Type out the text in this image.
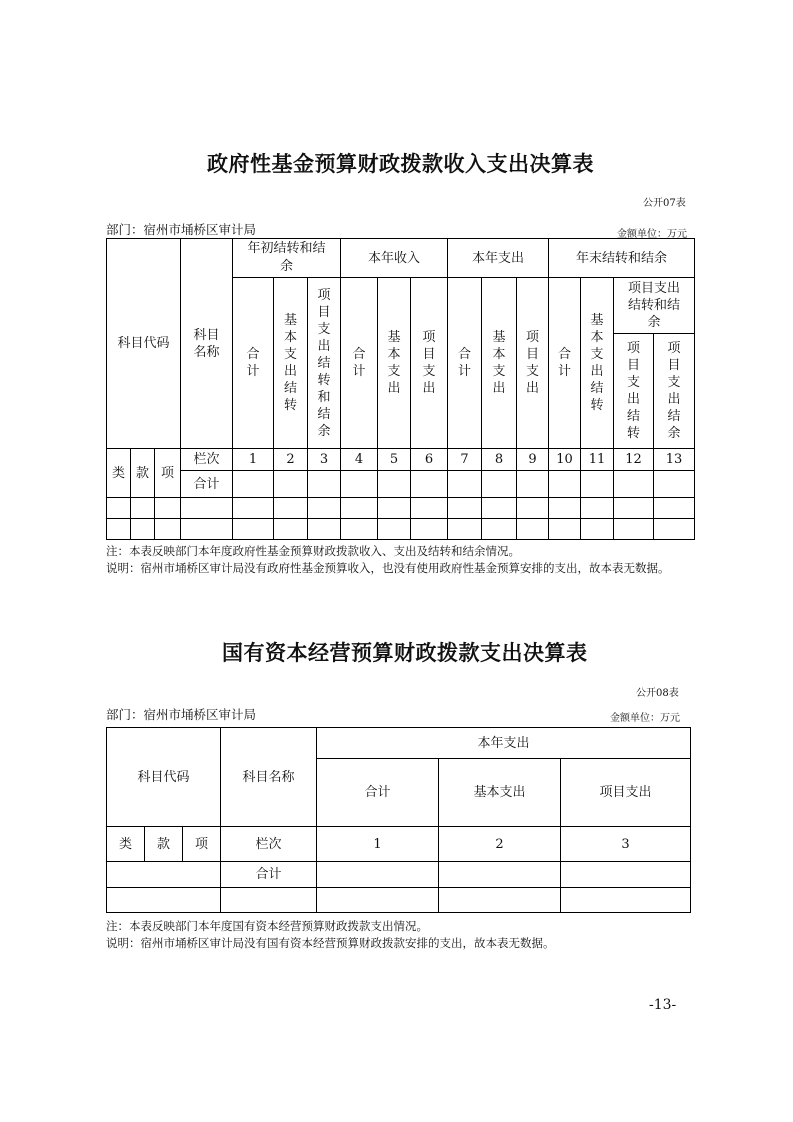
政府性基金预算财政拨款收入支出决算表
公开07表
部门：宿州市埇桥区审计局	金额单位：万元
科目代码			科目名称	年初结转和结余			本年收入			本年支出			年末结转和结余			
				合计	基本支出结转	项目支出结转和结余	合计	基本支出	项目支出	合计	基本支出	项目支出	合计	基本支出结转	项目支出结转和结余	
															项目支出结转	项目支出结余
类	款	项	栏次	1	2	3	4	5	6	7	8	9	10	11	12	13
			合计													

注：本表反映部门本年度政府性基金预算财政拨款收入、支出及结转和结余情况。
说明：宿州市埇桥区审计局没有政府性基金预算收入，也没有使用政府性基金预算安排的支出，故本表无数据。
国有资本经营预算财政拨款支出决算表
公开08表
部门：宿州市埇桥区审计局	金额单位：万元
科目代码			科目名称	本年支出		
				合计	基本支出	项目支出
类	款	项	栏次	1	2	3
			合计			

注：本表反映部门本年度国有资本经营预算财政拨款支出情况。
说明：宿州市埇桥区审计局没有国有资本经营预算财政拨款安排的支出，故本表无数据。
-13-
